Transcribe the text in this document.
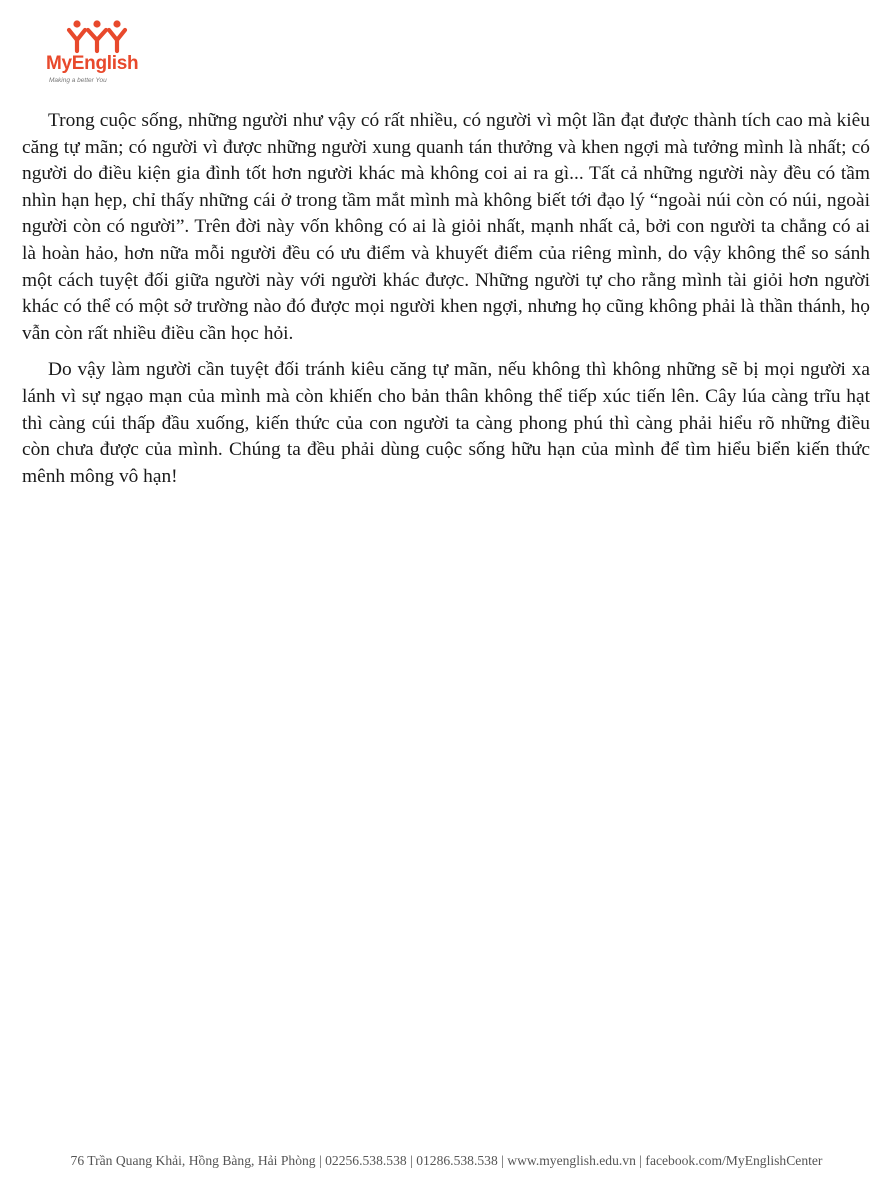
MyEnglish
Making a better You

Trong cuộc sống, những người như vậy có rất nhiều, có người vì một lần đạt được thành tích cao mà kiêu căng tự mãn; có người vì được những người xung quanh tán thưởng và khen ngợi mà tưởng mình là nhất; có người do điều kiện gia đình tốt hơn người khác mà không coi ai ra gì... Tất cả những người này đều có tầm nhìn hạn hẹp, chỉ thấy những cái ở trong tầm mắt mình mà không biết tới đạo lý “ngoài núi còn có núi, ngoài người còn có người”. Trên đời này vốn không có ai là giỏi nhất, mạnh nhất cả, bởi con người ta chẳng có ai là hoàn hảo, hơn nữa mỗi người đều có ưu điểm và khuyết điểm của riêng mình, do vậy không thể so sánh một cách tuyệt đối giữa người này với người khác được. Những người tự cho rằng mình tài giỏi hơn người khác có thể có một sở trường nào đó được mọi người khen ngợi, nhưng họ cũng không phải là thần thánh, họ vẫn còn rất nhiều điều cần học hỏi.

Do vậy làm người cần tuyệt đối tránh kiêu căng tự mãn, nếu không thì không những sẽ bị mọi người xa lánh vì sự ngạo mạn của mình mà còn khiến cho bản thân không thể tiếp xúc tiến lên. Cây lúa càng trĩu hạt thì càng cúi thấp đầu xuống, kiến thức của con người ta càng phong phú thì càng phải hiểu rõ những điều còn chưa được của mình. Chúng ta đều phải dùng cuộc sống hữu hạn của mình để tìm hiểu biển kiến thức mênh mông vô hạn!

76 Trần Quang Khải, Hồng Bàng, Hải Phòng | 02256.538.538 | 01286.538.538 | www.myenglish.edu.vn | facebook.com/MyEnglishCenter
